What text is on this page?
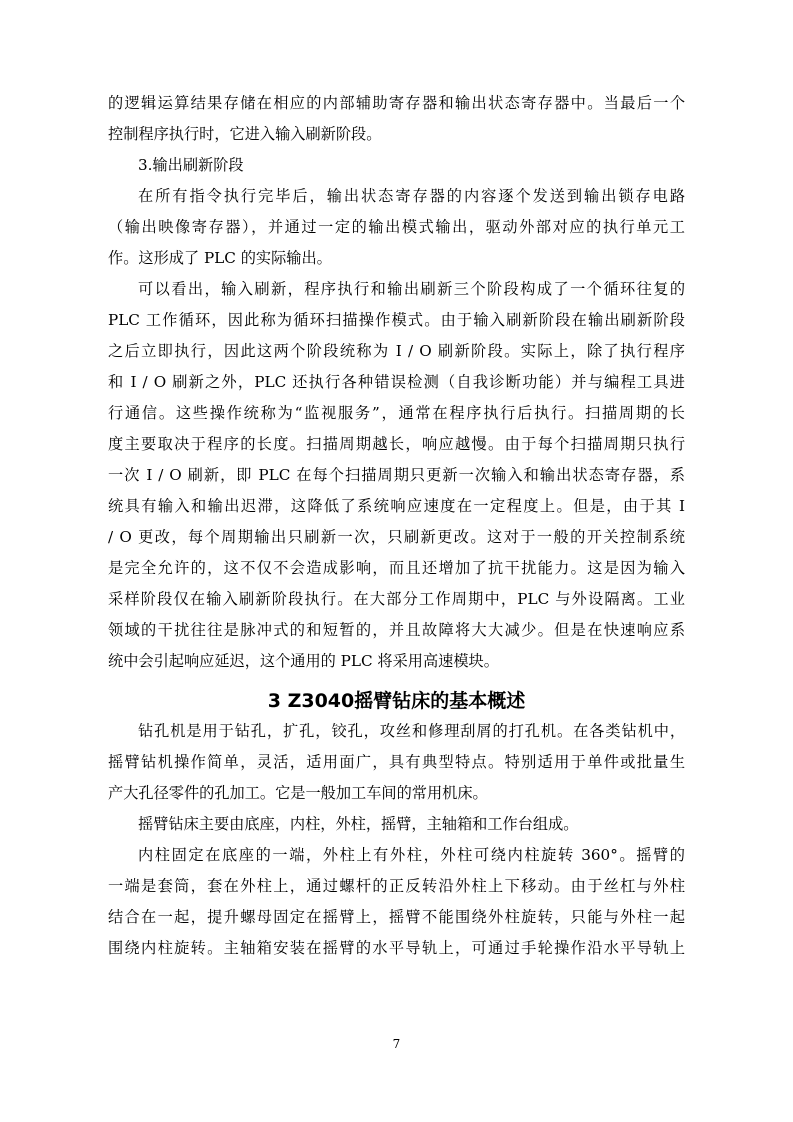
的逻辑运算结果存储在相应的内部辅助寄存器和输出状态寄存器中。当最后一个
控制程序执行时，它进入输入刷新阶段。
3.输出刷新阶段
在所有指令执行完毕后，输出状态寄存器的内容逐个发送到输出锁存电路
（输出映像寄存器），并通过一定的输出模式输出，驱动外部对应的执行单元工
作。这形成了 PLC 的实际输出。
可以看出，输入刷新，程序执行和输出刷新三个阶段构成了一个循环往复的
PLC 工作循环，因此称为循环扫描操作模式。由于输入刷新阶段在输出刷新阶段
之后立即执行，因此这两个阶段统称为 I / O 刷新阶段。实际上，除了执行程序
和 I / O 刷新之外，PLC 还执行各种错误检测（自我诊断功能）并与编程工具进
行通信。这些操作统称为“监视服务”，通常在程序执行后执行。扫描周期的长
度主要取决于程序的长度。扫描周期越长，响应越慢。由于每个扫描周期只执行
一次 I / O 刷新，即 PLC 在每个扫描周期只更新一次输入和输出状态寄存器，系
统具有输入和输出迟滞，这降低了系统响应速度在一定程度上。但是，由于其 I
/ O 更改，每个周期输出只刷新一次，只刷新更改。这对于一般的开关控制系统
是完全允许的，这不仅不会造成影响，而且还增加了抗干扰能力。这是因为输入
采样阶段仅在输入刷新阶段执行。在大部分工作周期中，PLC 与外设隔离。工业
领域的干扰往往是脉冲式的和短暂的，并且故障将大大减少。但是在快速响应系
统中会引起响应延迟，这个通用的 PLC 将采用高速模块。
3 Z3040摇臂钻床的基本概述
钻孔机是用于钻孔，扩孔，铰孔，攻丝和修理刮屑的打孔机。在各类钻机中，
摇臂钻机操作简单，灵活，适用面广，具有典型特点。特别适用于单件或批量生
产大孔径零件的孔加工。它是一般加工车间的常用机床。
摇臂钻床主要由底座，内柱，外柱，摇臂，主轴箱和工作台组成。
内柱固定在底座的一端，外柱上有外柱，外柱可绕内柱旋转 360°。摇臂的
一端是套筒，套在外柱上，通过螺杆的正反转沿外柱上下移动。由于丝杠与外柱
结合在一起，提升螺母固定在摇臂上，摇臂不能围绕外柱旋转，只能与外柱一起
围绕内柱旋转。主轴箱安装在摇臂的水平导轨上，可通过手轮操作沿水平导轨上
7
